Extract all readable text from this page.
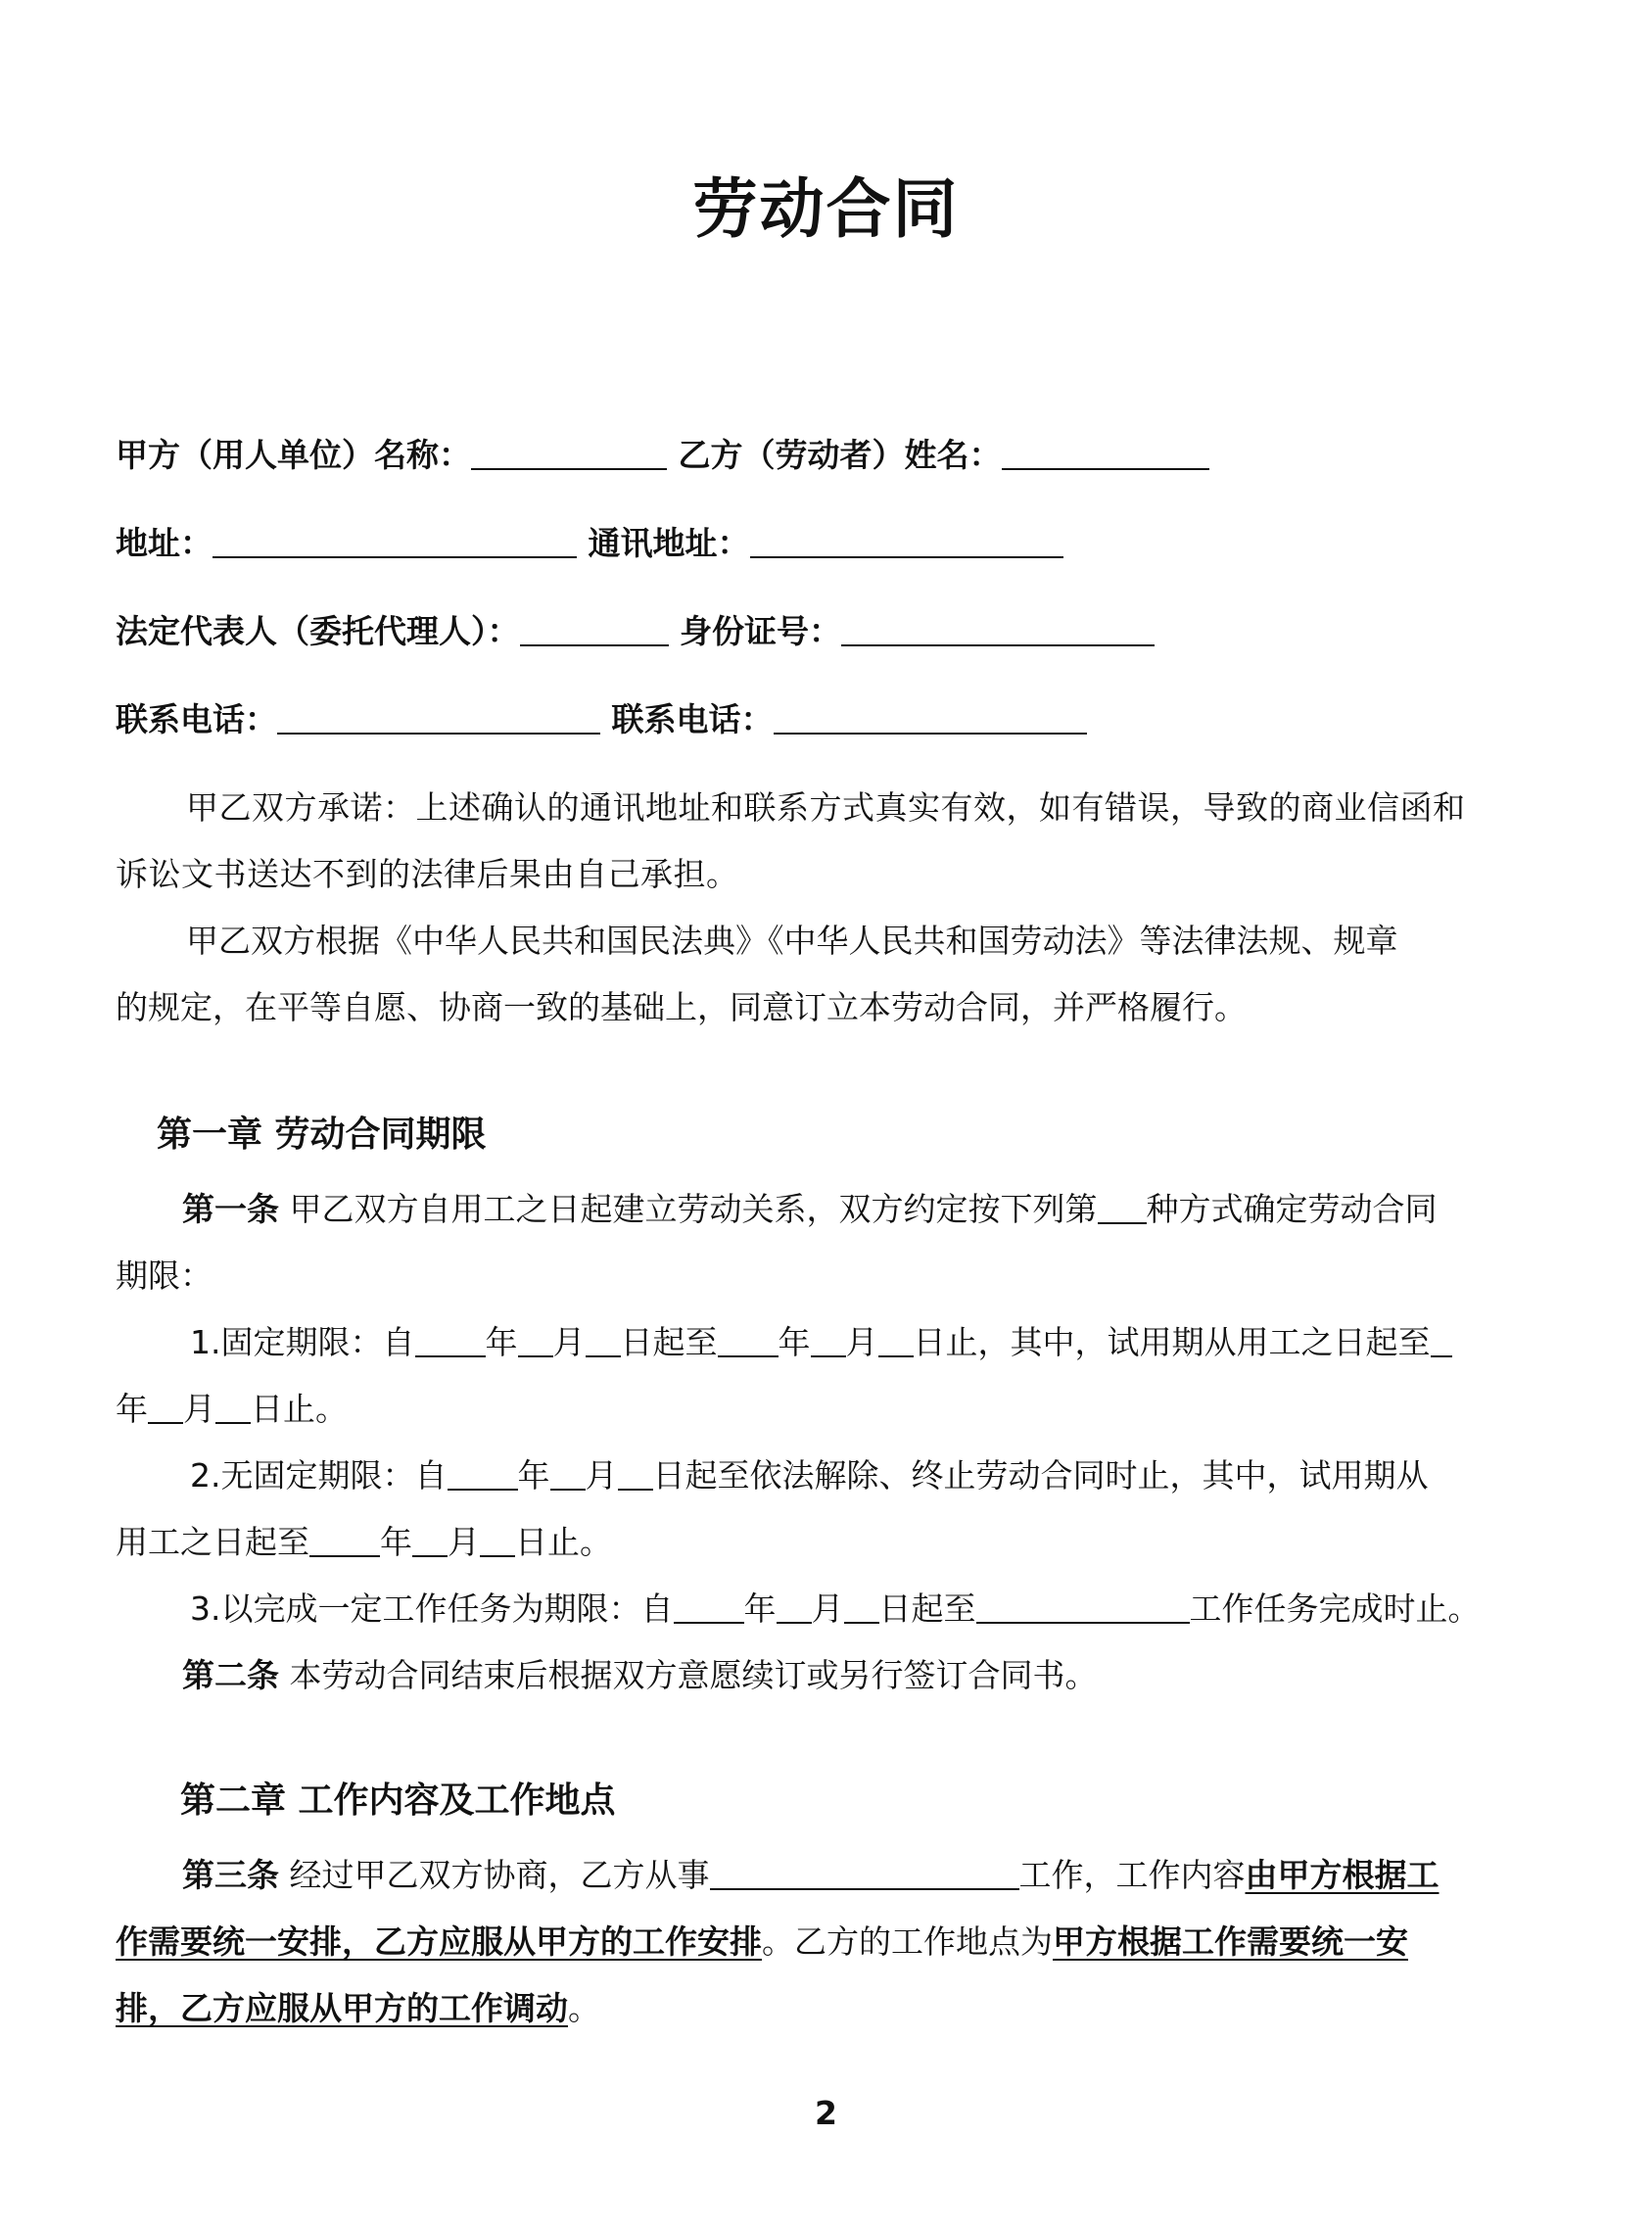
劳动合同
甲方（用人单位）名称：	乙方（劳动者）姓名：
地址：	通讯地址：
法定代表人（委托代理人）：	身份证号：
联系电话：	联系电话：
甲乙双方承诺：上述确认的通讯地址和联系方式真实有效，如有错误，导致的商业信函和
诉讼文书送达不到的法律后果由自己承担。
甲乙双方根据《中华人民共和国民法典》《中华人民共和国劳动法》等法律法规、规章
的规定，在平等自愿、协商一致的基础上，同意订立本劳动合同，并严格履行。
第一章 劳动合同期限
第一条 甲乙双方自用工之日起建立劳动关系，双方约定按下列第 种方式确定劳动合同
期限：
1.固定期限：自 年 月 日起至 年 月 日止，其中，试用期从用工之日起至
年 月 日止。
2.无固定期限：自 年 月 日起至依法解除、终止劳动合同时止，其中，试用期从
用工之日起至 年 月 日止。
3.以完成一定工作任务为期限：自 年 月 日起至	工作任务完成时止。
第二条 本劳动合同结束后根据双方意愿续订或另行签订合同书。
第二章 工作内容及工作地点
第三条 经过甲乙双方协商，乙方从事	工作，工作内容由甲方根据工
作需要统一安排，乙方应服从甲方的工作安排。乙方的工作地点为甲方根据工作需要统一安
排，乙方应服从甲方的工作调动。
2
